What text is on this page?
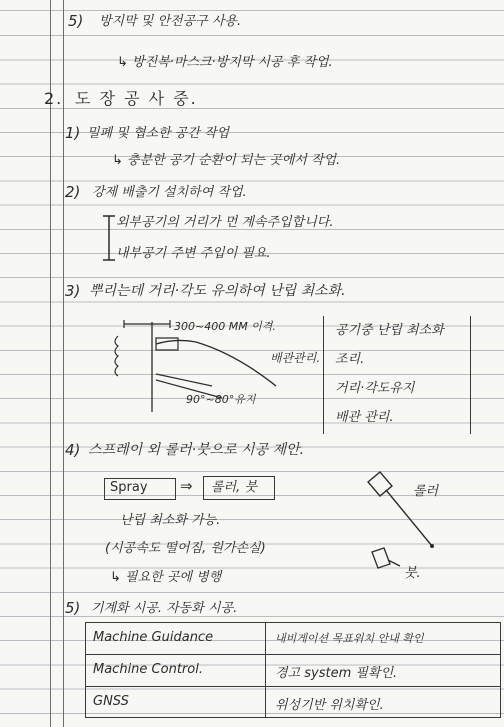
5) 방지막 및 안전공구 사용.
↳ 방진복·마스크·방지막 시공 후 작업.
2. 도 장 공 사 중.
1) 밀폐 및 협소한 공간 작업
↳ 충분한 공기 순환이 되는 곳에서 작업.
2) 강제 배출기 설치하여 작업.
외부공기의 거리가 먼 계속주입합니다.
내부공기 주변 주입이 필요.
3) 뿌리는데 거리·각도 유의하여 난립 최소화.
300~400 MM 이격.
배관관리.
90°~80°유지
공기중 난립 최소화
조리.
거리·각도유지
배관 관리.
4) 스프레이 외 롤러·붓으로 시공 제안.
Spray ⇒ 롤러, 붓
난립 최소화 가능.
(시공속도 떨어짐, 원가손실)
↳ 필요한 곳에 병행
롤러
붓.
5) 기계화 시공. 자동화 시공.
Machine Guidance	내비게이션 목표위치 안내 확인
Machine Control.	경고 system 필확인.
GNSS	위성기반 위치확인.
